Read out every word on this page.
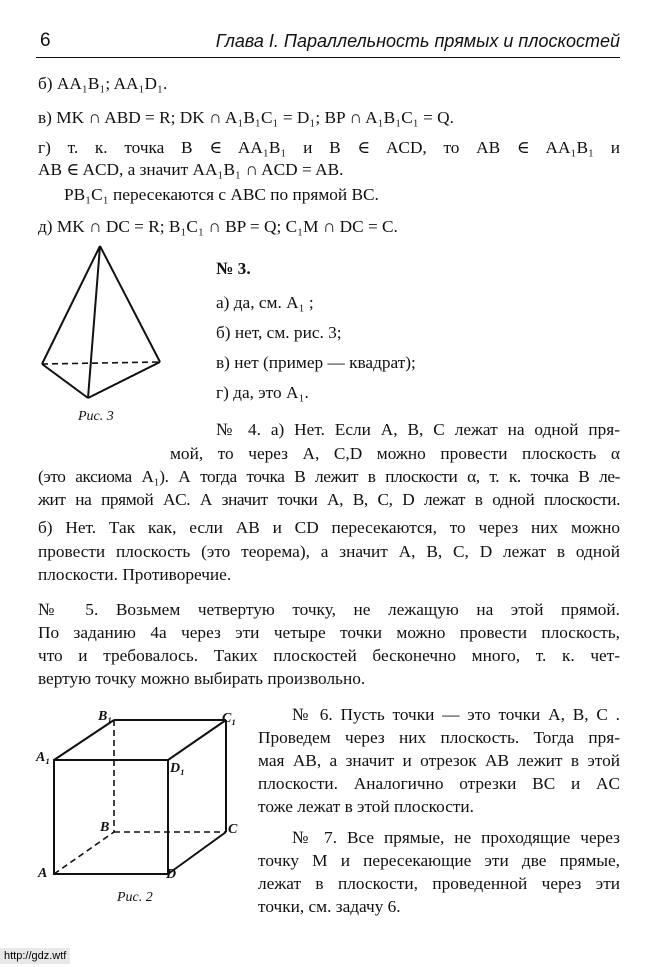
6	Глава I. Параллельность прямых и плоскостей
б) AA₁B₁; AA₁D₁.
в) MK ∩ ABD = R; DK ∩ A₁B₁C₁ = D₁; BP ∩ A₁B₁C₁ = Q.
г) т. к. точка B ∈ AA₁B₁ и B ∈ ACD, то AB ∈ AA₁B₁ и
AB ∈ ACD, а значит AA₁B₁ ∩ ACD = AB.
PB₁C₁ пересекаются с ABC по прямой BC.
д) MK ∩ DC = R; B₁C₁ ∩ BP = Q; C₁M ∩ DC = C.
Рис. 3
№ 3.
а) да, см. A₁ ;
б) нет, см. рис. 3;
в) нет (пример — квадрат);
г) да, это A₁.
№ 4. а) Нет. Если A, B, C лежат на одной пря-
мой, то через A, C,D можно провести плоскость α
(это аксиома A₁). А тогда точка B лежит в плоскости α, т. к. точка B ле-
жит на прямой AC. А значит точки A, B, C, D лежат в одной плоскости.
б) Нет. Так как, если AB и CD пересекаются, то через них можно
провести плоскость (это теорема), а значит A, B, C, D лежат в одной
плоскости. Противоречие.
№ 5. Возьмем четвертую точку, не лежащую на этой прямой.
По заданию 4а через эти четыре точки можно провести плоскость,
что и требовалось. Таких плоскостей бесконечно много, т. к. чет-
вертую точку можно выбирать произвольно.
B₁	C₁
A₁
D₁
B	C
A	D
Рис. 2
№ 6. Пусть точки — это точки A, B, C .
Проведем через них плоскость. Тогда пря-
мая AB, а значит и отрезок AB лежит в этой
плоскости. Аналогично отрезки BC и AC
тоже лежат в этой плоскости.
№ 7. Все прямые, не проходящие через
точку M и пересекающие эти две прямые,
лежат в плоскости, проведенной через эти
точки, см. задачу 6.
http://gdz.wtf
